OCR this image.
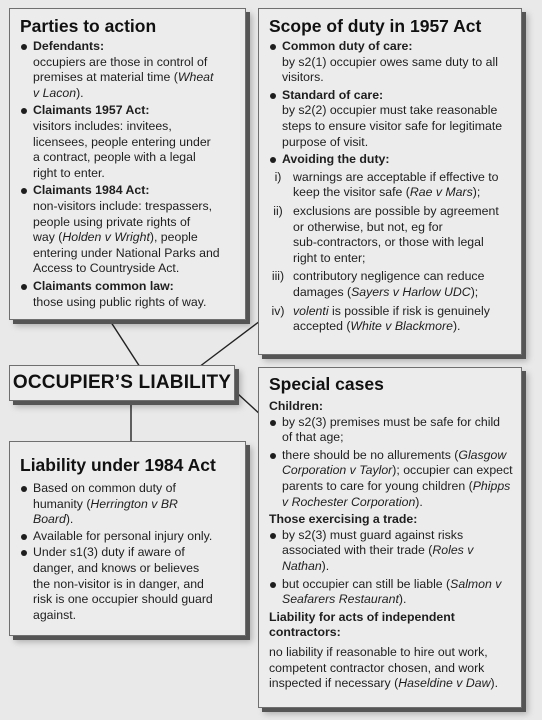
Parties to action
Defendants:
occupiers are those in control of
premises at material time (Wheat
v Lacon).
Claimants 1957 Act:
visitors includes: invitees,
licensees, people entering under
a contract, people with a legal
right to enter.
Claimants 1984 Act:
non-visitors include: trespassers,
people using private rights of
way (Holden v Wright), people
entering under National Parks and
Access to Countryside Act.
Claimants common law:
those using public rights of way.
Scope of duty in 1957 Act
Common duty of care:
by s2(1) occupier owes same duty to all
visitors.
Standard of care:
by s2(2) occupier must take reasonable
steps to ensure visitor safe for legitimate
purpose of visit.
Avoiding the duty:
i) warnings are acceptable if effective to
keep the visitor safe (Rae v Mars);
ii) exclusions are possible by agreement
or otherwise, but not, eg for
sub-contractors, or those with legal
right to enter;
iii) contributory negligence can reduce
damages (Sayers v Harlow UDC);
iv) volenti is possible if risk is genuinely
accepted (White v Blackmore).
OCCUPIER’S LIABILITY Special cases
Children:
by s2(3) premises must be safe for child
of that age;
there should be no allurements (Glasgow
Corporation v Taylor); occupier can expect
parents to care for young children (Phipps
v Rochester Corporation).
Those exercising a trade:
by s2(3) must guard against risks
associated with their trade (Roles v
Nathan).
but occupier can still be liable (Salmon v
Seafarers Restaurant).
Liability for acts of independent
contractors:
no liability if reasonable to hire out work,
competent contractor chosen, and work
inspected if necessary (Haseldine v Daw).
Liability under 1984 Act
Based on common duty of
humanity (Herrington v BR
Board).
Available for personal injury only.
Under s1(3) duty if aware of
danger, and knows or believes
the non-visitor is in danger, and
risk is one occupier should guard
against.
